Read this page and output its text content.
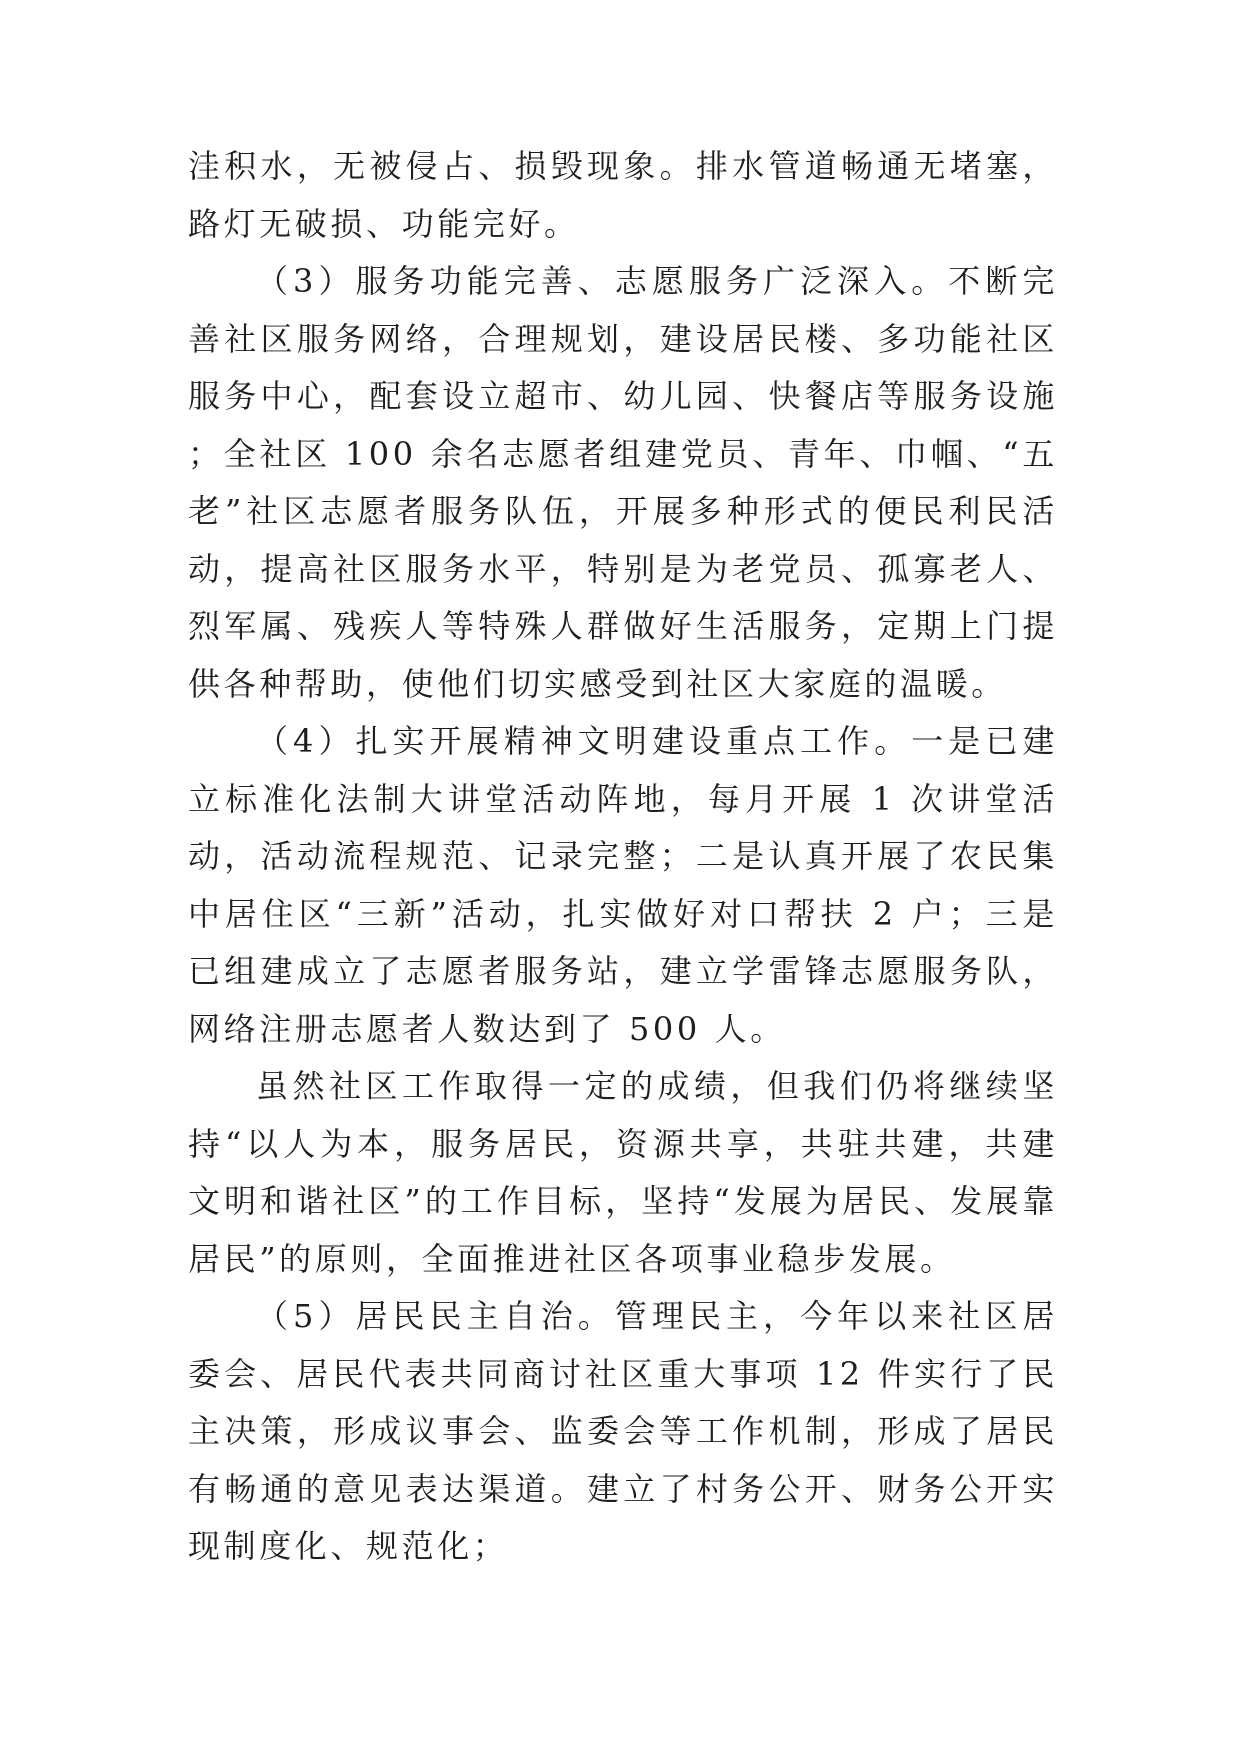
洼积水，无被侵占、损毁现象。排水管道畅通无堵塞，路灯无破损、功能完好。

（3）服务功能完善、志愿服务广泛深入。不断完善社区服务网络，合理规划，建设居民楼、多功能社区服务中心，配套设立超市、幼儿园、快餐店等服务设施；全社区 100 余名志愿者组建党员、青年、巾帼、“五老”社区志愿者服务队伍，开展多种形式的便民利民活动，提高社区服务水平，特别是为老党员、孤寡老人、烈军属、残疾人等特殊人群做好生活服务，定期上门提供各种帮助，使他们切实感受到社区大家庭的温暖。

（4）扎实开展精神文明建设重点工作。一是已建立标准化法制大讲堂活动阵地，每月开展 1 次讲堂活动，活动流程规范、记录完整；二是认真开展了农民集中居住区“三新”活动，扎实做好对口帮扶 2 户；三是已组建成立了志愿者服务站，建立学雷锋志愿服务队，网络注册志愿者人数达到了 500 人。

虽然社区工作取得一定的成绩，但我们仍将继续坚持“以人为本，服务居民，资源共享，共驻共建，共建文明和谐社区”的工作目标，坚持“发展为居民、发展靠居民”的原则，全面推进社区各项事业稳步发展。

（5）居民民主自治。管理民主，今年以来社区居委会、居民代表共同商讨社区重大事项 12 件实行了民主决策，形成议事会、监委会等工作机制，形成了居民有畅通的意见表达渠道。建立了村务公开、财务公开实现制度化、规范化；
